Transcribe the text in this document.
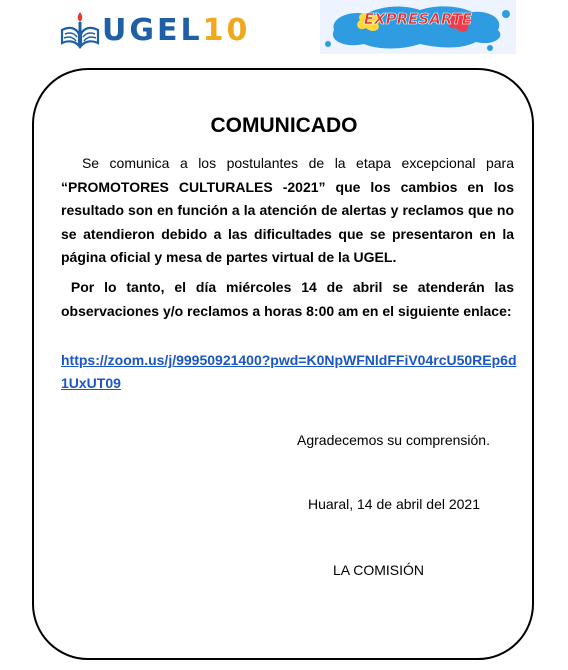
UGEL10	EXPRESARTE
COMUNICADO
Se comunica a los postulantes de la etapa excepcional para “PROMOTORES CULTURALES -2021” que los cambios en los resultado son en función a la atención de alertas y reclamos que no se atendieron debido a las dificultades que se presentaron en la página oficial y mesa de partes virtual de la UGEL.
Por lo tanto, el día miércoles 14 de abril se atenderán las observaciones y/o reclamos a horas 8:00 am en el siguiente enlace:
https://zoom.us/j/99950921400?pwd=K0NpWFNldFFiV04rcU50REp6d1UxUT09
Agradecemos su comprensión.
Huaral, 14 de abril del 2021
LA COMISIÓN
